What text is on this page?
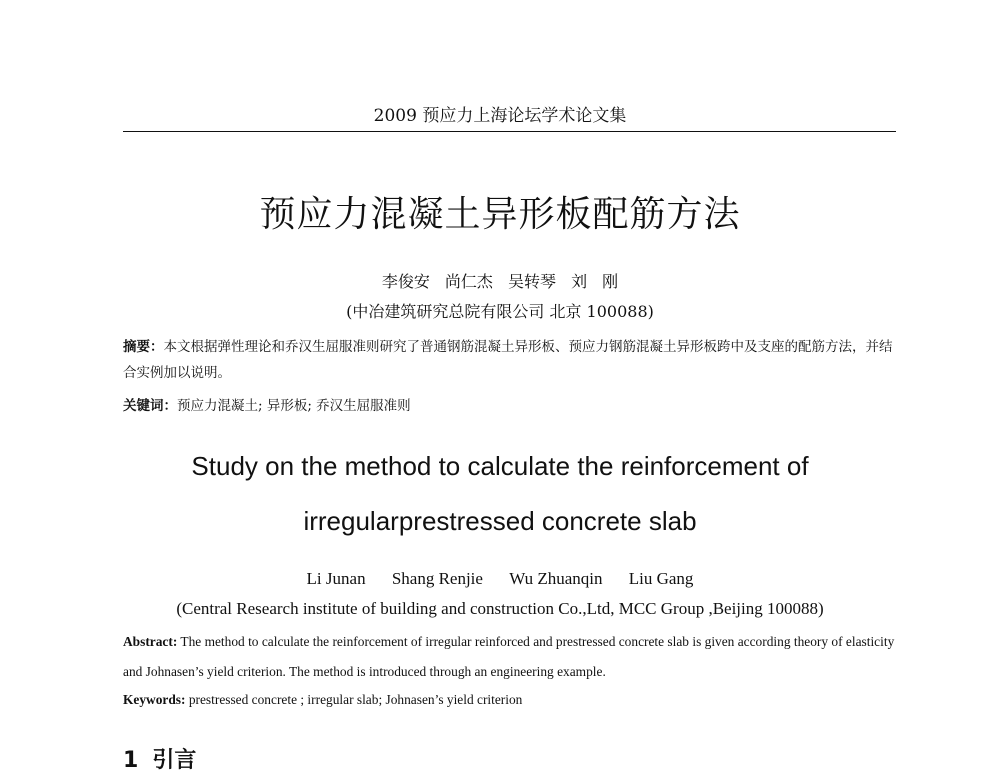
2009 预应力上海论坛学术论文集
预应力混凝土异形板配筋方法
李俊安 尚仁杰 吴转琴 刘 刚
(中冶建筑研究总院有限公司 北京 100088)
摘要：本文根据弹性理论和乔汉生屈服准则研究了普通钢筋混凝土异形板、预应力钢筋混凝土异形板跨中及支座的配筋方法，并结合实例加以说明。
关键词：预应力混凝土; 异形板; 乔汉生屈服准则
Study on the method to calculate the reinforcement of
irregularprestressed concrete slab
Li Junan Shang Renjie Wu Zhuanqin Liu Gang
(Central Research institute of building and construction Co.,Ltd, MCC Group ,Beijing 100088)
Abstract: The method to calculate the reinforcement of irregular reinforced and prestressed concrete slab is given according theory of elasticity and Johnasen’s yield criterion. The method is introduced through an engineering example.
Keywords: prestressed concrete ; irregular slab; Johnasen’s yield criterion
1 引言
